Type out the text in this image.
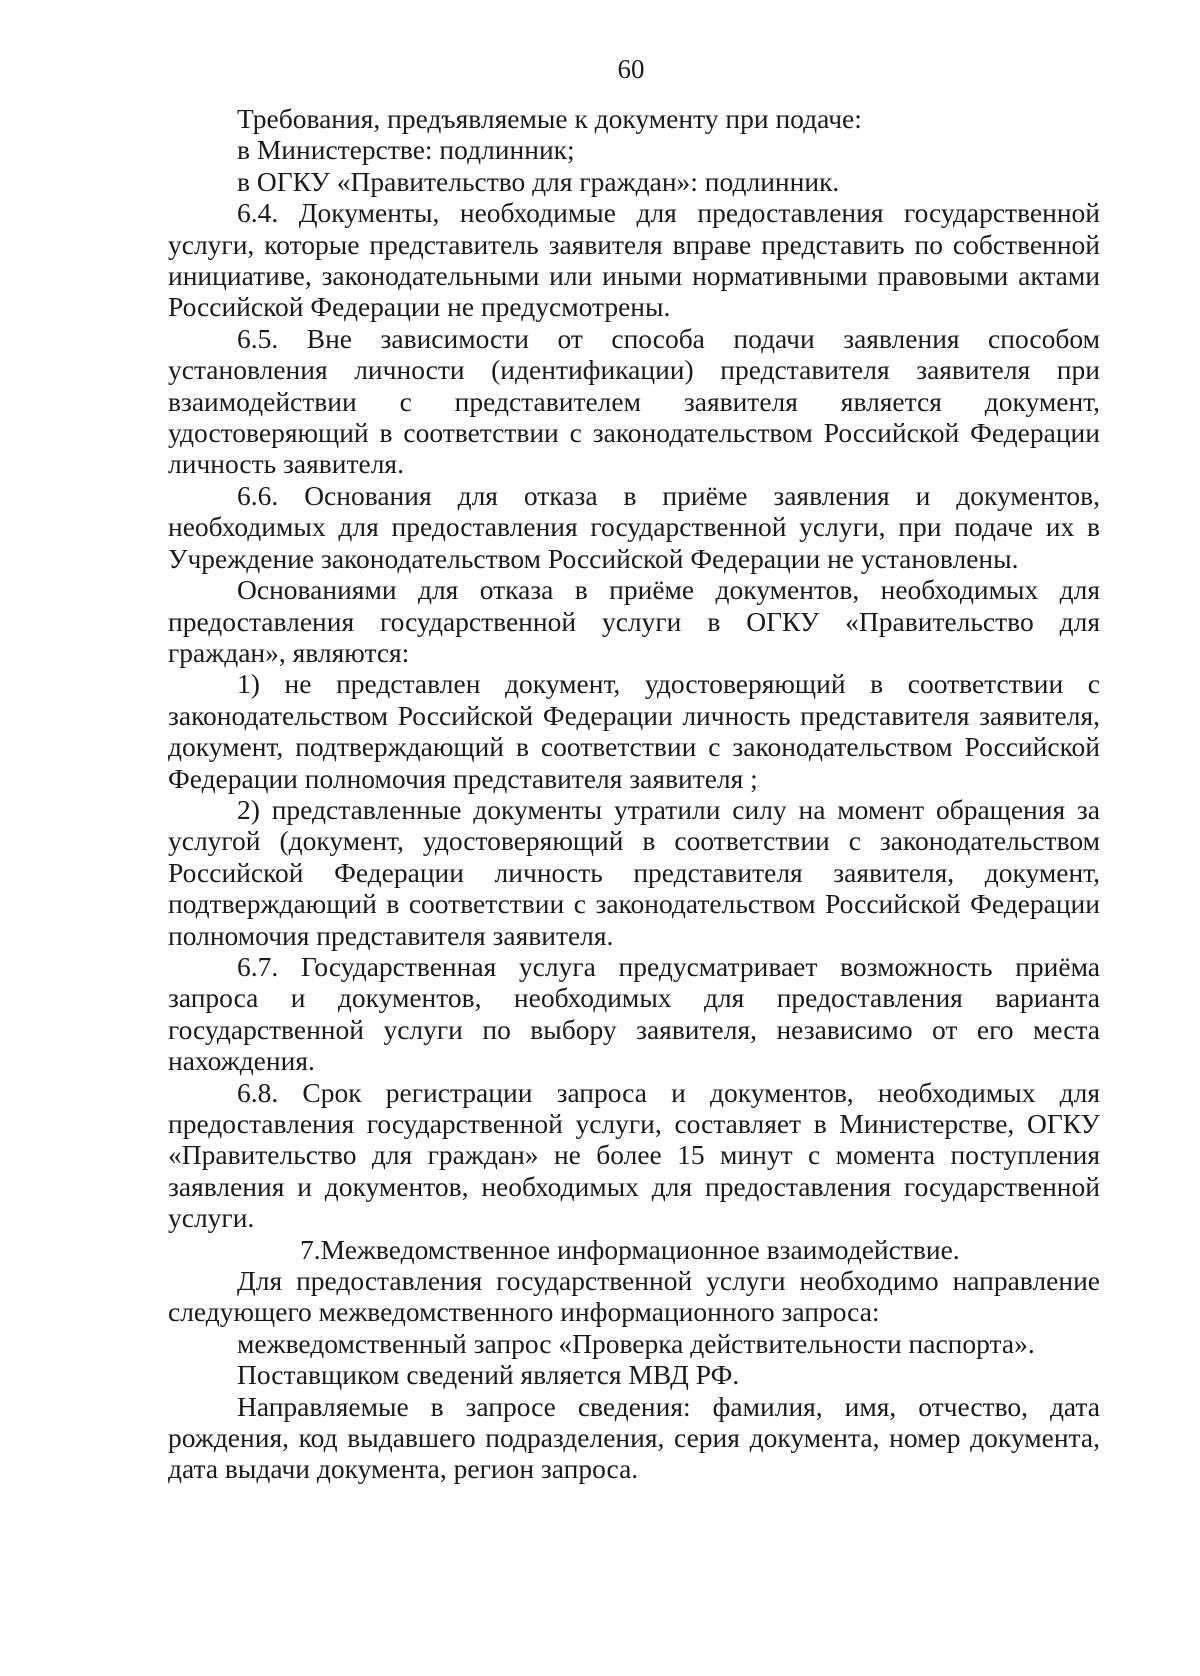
60

Требования, предъявляемые к документу при подаче:

в Министерстве: подлинник;

в ОГКУ «Правительство для граждан»: подлинник.

6.4. Документы, необходимые для предоставления государственной услуги, которые представитель заявителя вправе представить по собственной инициативе, законодательными или иными нормативными правовыми актами Российской Федерации не предусмотрены.

6.5. Вне зависимости от способа подачи заявления способом установления личности (идентификации) представителя заявителя при взаимодействии с представителем заявителя является документ, удостоверяющий в соответствии с законодательством Российской Федерации личность заявителя.

6.6. Основания для отказа в приёме заявления и документов, необходимых для предоставления государственной услуги, при подаче их в Учреждение законодательством Российской Федерации не установлены.

Основаниями для отказа в приёме документов, необходимых для предоставления государственной услуги в ОГКУ «Правительство для граждан», являются:

1) не представлен документ, удостоверяющий в соответствии с законодательством Российской Федерации личность представителя заявителя, документ, подтверждающий в соответствии с законодательством Российской Федерации полномочия представителя заявителя ;

2) представленные документы утратили силу на момент обращения за услугой (документ, удостоверяющий в соответствии с законодательством Российской Федерации личность представителя заявителя, документ, подтверждающий в соответствии с законодательством Российской Федерации полномочия представителя заявителя.

6.7. Государственная услуга предусматривает возможность приёма запроса и документов, необходимых для предоставления варианта государственной услуги по выбору заявителя, независимо от его места нахождения.

6.8. Срок регистрации запроса и документов, необходимых для предоставления государственной услуги, составляет в Министерстве, ОГКУ «Правительство для граждан» не более 15 минут с момента поступления заявления и документов, необходимых для предоставления государственной услуги.

7.Межведомственное информационное взаимодействие.

Для предоставления государственной услуги необходимо направление следующего межведомственного информационного запроса:

межведомственный запрос «Проверка действительности паспорта».

Поставщиком сведений является МВД РФ.

Направляемые в запросе сведения: фамилия, имя, отчество, дата рождения, код выдавшего подразделения, серия документа, номер документа, дата выдачи документа, регион запроса.
